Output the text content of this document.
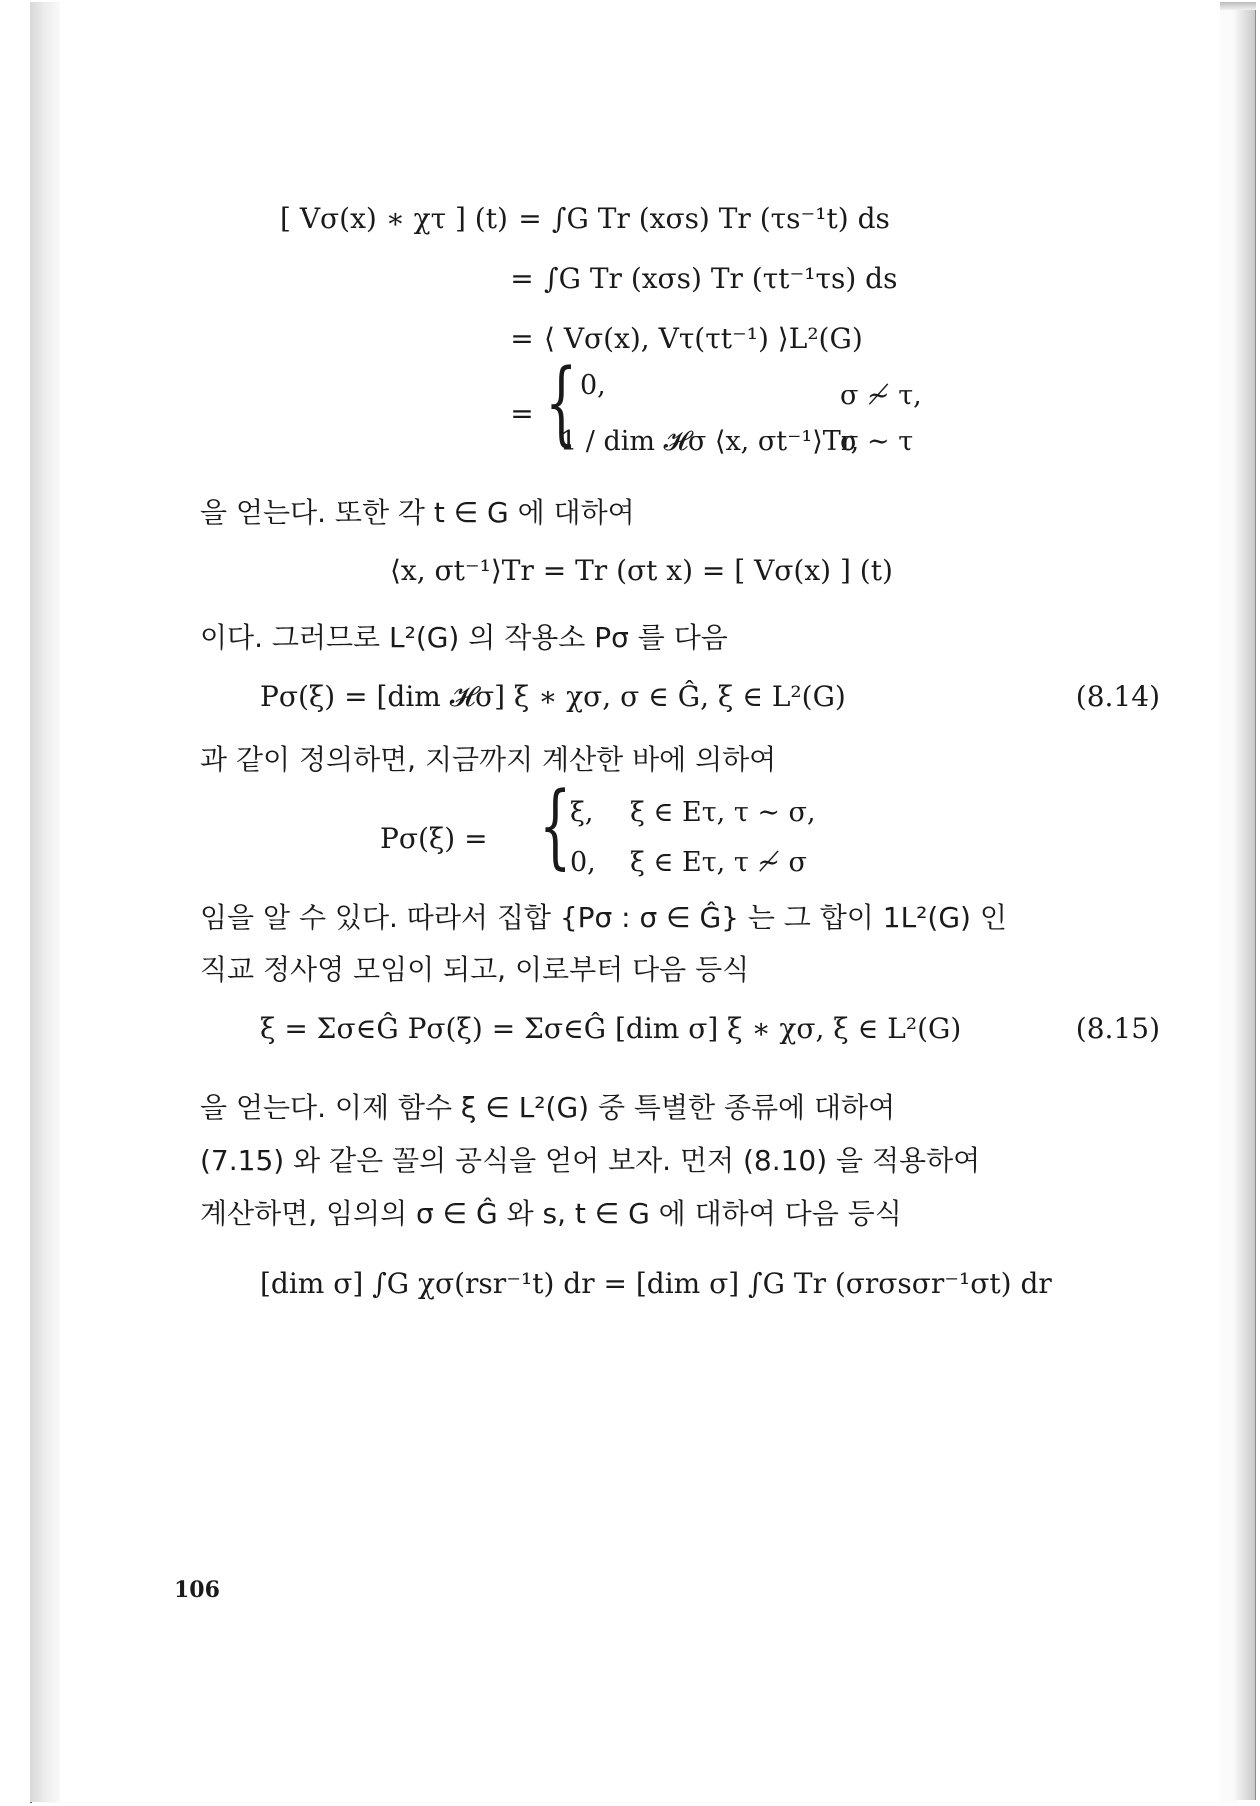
[ Vσ(x) ∗ χτ ] (t) = ∫G Tr (xσs) Tr (τs⁻¹t) ds
= ∫G Tr (xσs) Tr (τt⁻¹τs) ds
= ⟨ Vσ(x), Vτ(τt⁻¹) ⟩L²(G)
= { 0,	σ ≁ τ,
1 / dim 𝓗σ ⟨x, σt⁻¹⟩Tr,
σ ∼ τ
을 얻는다. 또한 각 t ∈ G 에 대하여
⟨x, σt⁻¹⟩Tr = Tr (σt x) = [ Vσ(x) ] (t)
이다. 그러므로 L²(G) 의 작용소 Pσ 를 다음
Pσ(ξ) = [dim 𝓗σ] ξ ∗ χσ, σ ∈ Ĝ, ξ ∈ L²(G)	(8.14)
과 같이 정의하면, 지금까지 계산한 바에 의하여
Pσ(ξ) = {
ξ, ξ ∈ Eτ, τ ∼ σ,
0, ξ ∈ Eτ, τ ≁ σ
임을 알 수 있다. 따라서 집합 {Pσ : σ ∈ Ĝ} 는 그 합이 1L²(G) 인
직교 정사영 모임이 되고, 이로부터 다음 등식
ξ = Σσ∈Ĝ Pσ(ξ) = Σσ∈Ĝ [dim σ] ξ ∗ χσ, ξ ∈ L²(G)	(8.15)
을 얻는다. 이제 함수 ξ ∈ L²(G) 중 특별한 종류에 대하여
(7.15) 와 같은 꼴의 공식을 얻어 보자. 먼저 (8.10) 을 적용하여
계산하면, 임의의 σ ∈ Ĝ 와 s, t ∈ G 에 대하여 다음 등식
[dim σ] ∫G χσ(rsr⁻¹t) dr = [dim σ] ∫G Tr (σrσsσr⁻¹σt) dr
106
